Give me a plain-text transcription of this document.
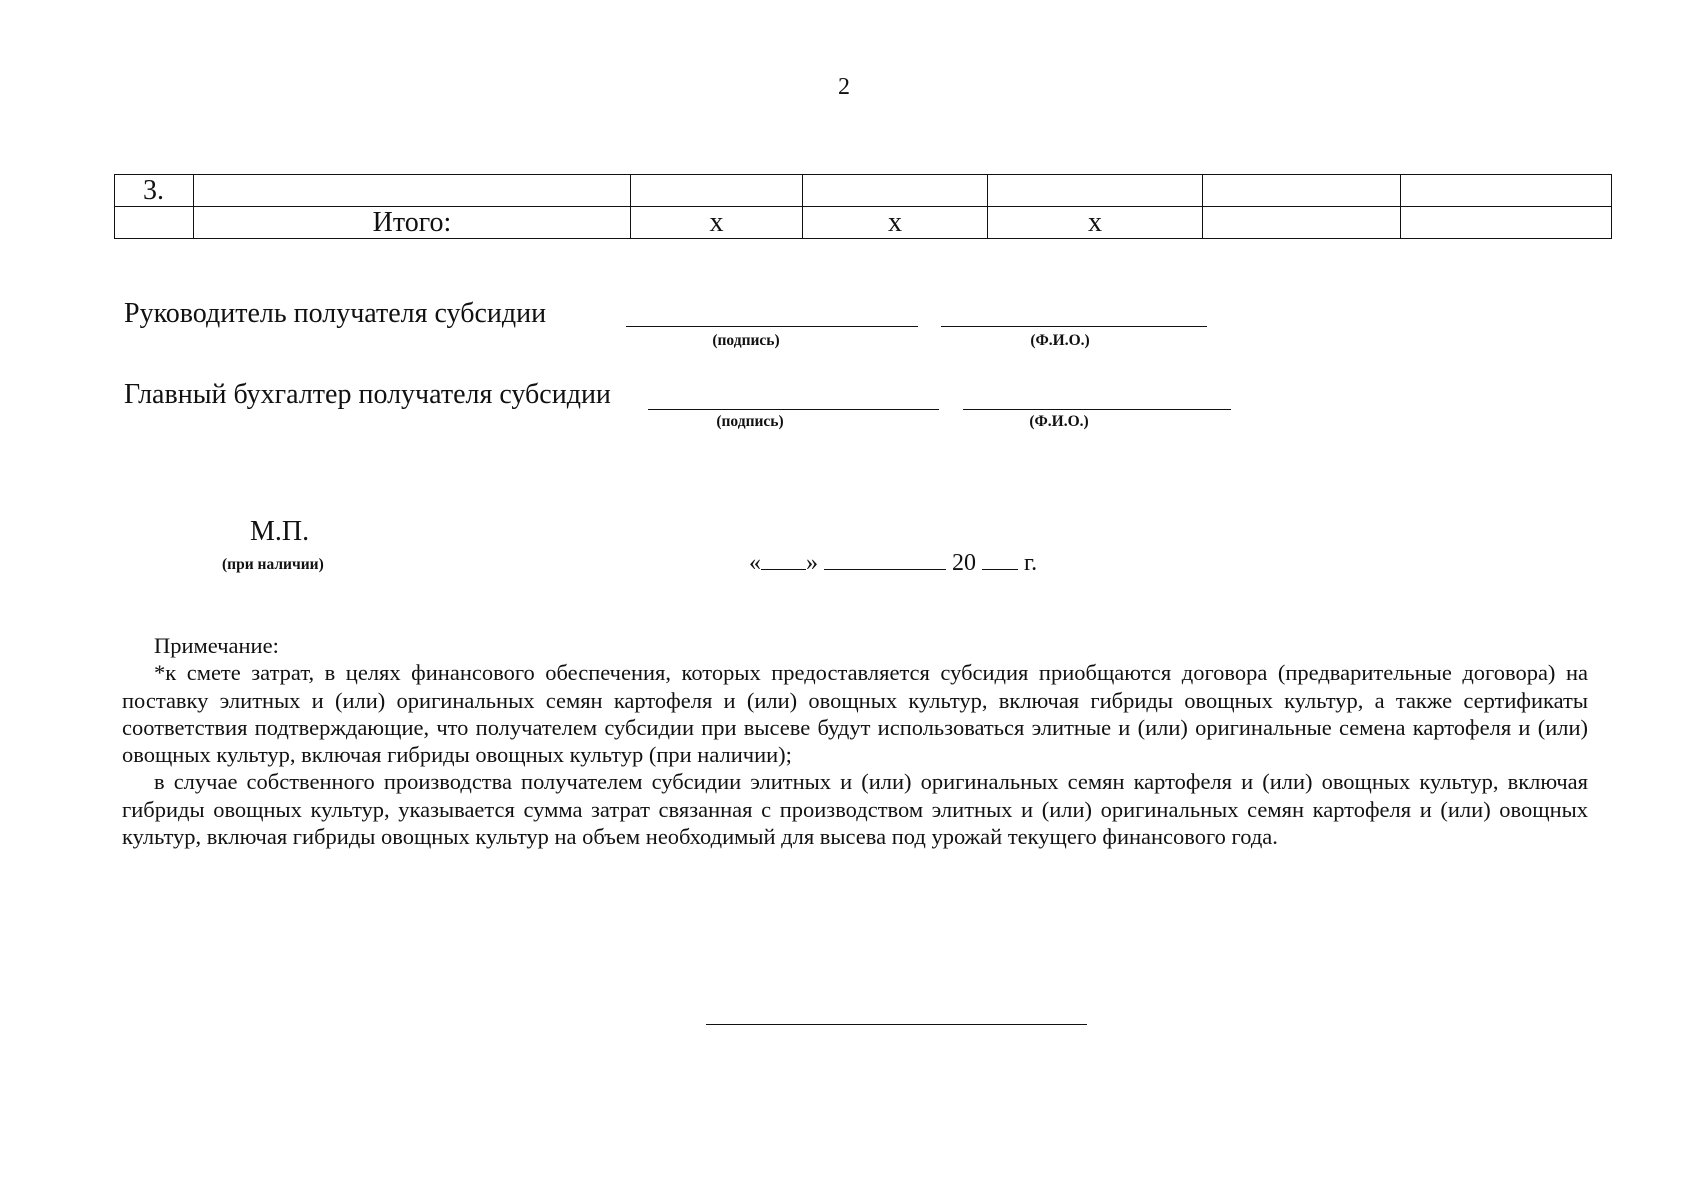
2
3.						
	Итого:	х	х	х		
Руководитель получателя субсидии
(подпись)	(Ф.И.О.)
Главный бухгалтер получателя субсидии
(подпись)	(Ф.И.О.)
М.П.
(при наличии)	« »	20 г.

Примечание:

*к смете затрат, в целях финансового обеспечения, которых предоставляется субсидия приобщаются договора (предварительные договора) на поставку элитных и (или) оригинальных семян картофеля и (или) овощных культур, включая гибриды овощных культур, а также сертификаты соответствия подтверждающие, что получателем субсидии при высеве будут использоваться элитные и (или) оригинальные семена картофеля и (или) овощных культур, включая гибриды овощных культур (при наличии);

в случае собственного производства получателем субсидии элитных и (или) оригинальных семян картофеля и (или) овощных культур, включая гибриды овощных культур, указывается сумма затрат связанная с производством элитных и (или) оригинальных семян картофеля и (или) овощных культур, включая гибриды овощных культур на объем необходимый для высева под урожай текущего финансового года.
